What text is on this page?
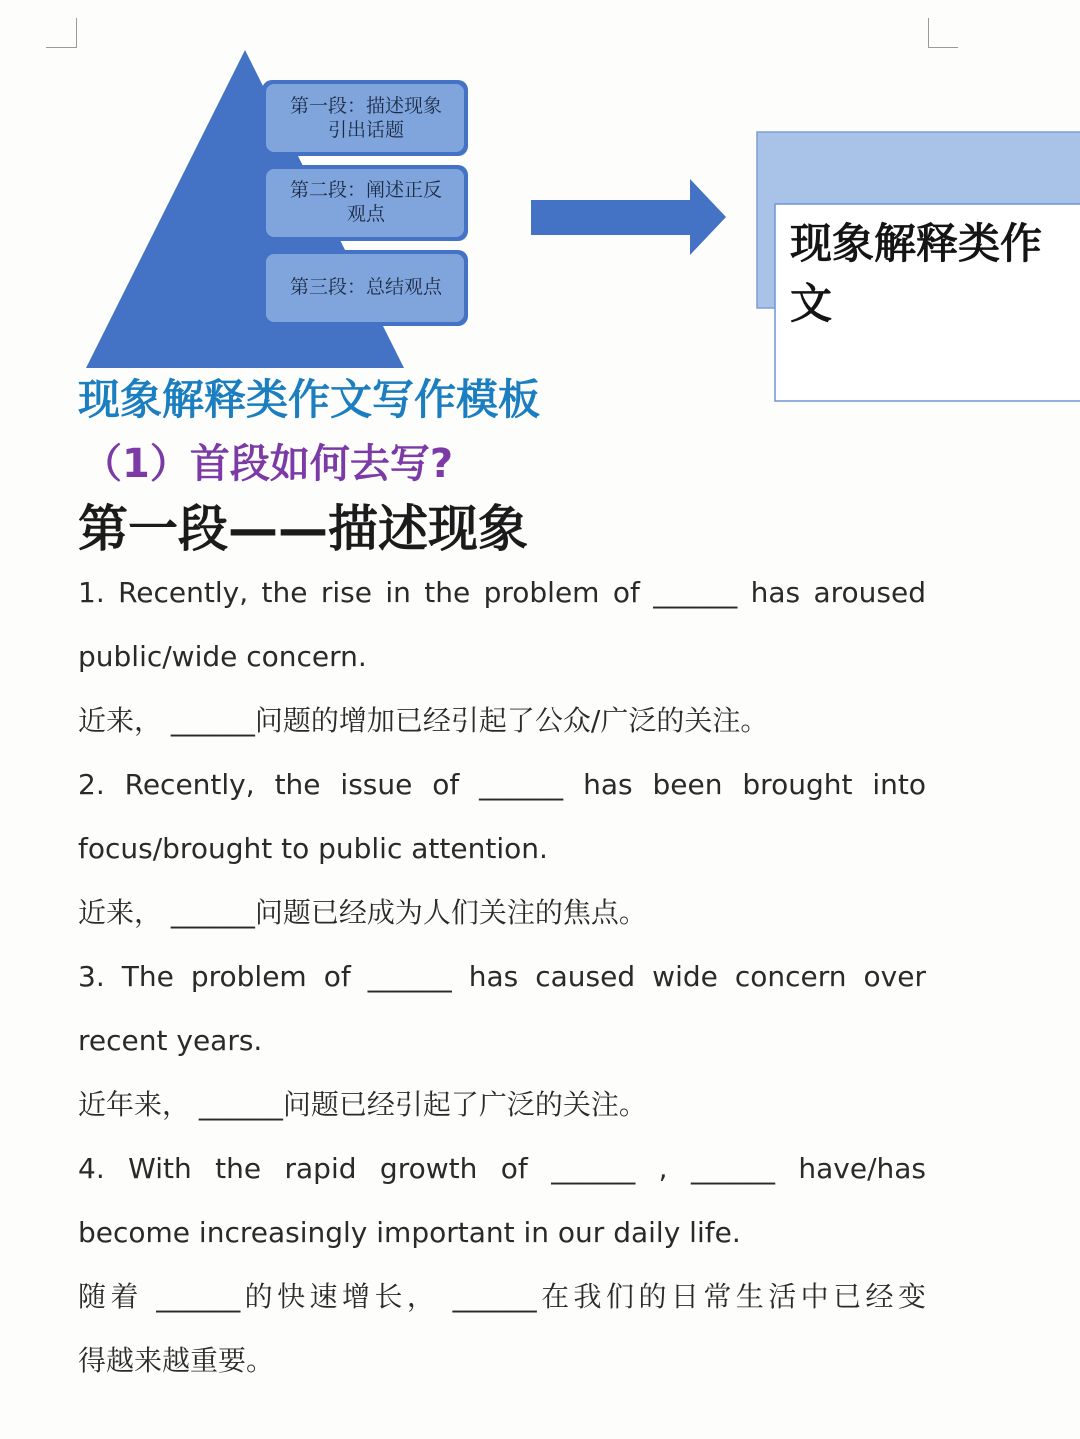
第一段：描述现象
引出话题
第二段：阐述正反
观点
第三段：总结观点
现象解释类作
文
现象解释类作文写作模板
（1）首段如何去写?
第一段——描述现象
1. Recently, the rise in the problem of ______ has aroused
public/wide concern.
近来， ______问题的增加已经引起了公众/广泛的关注。
2. Recently, the issue of ______ has been brought into
focus/brought to public attention.
近来， ______问题已经成为人们关注的焦点。
3. The problem of ______ has caused wide concern over
recent years.
近年来， ______问题已经引起了广泛的关注。
4. With the rapid growth of ______ , ______ have/has
become increasingly important in our daily life.
随着 ______的快速增长， ______在我们的日常生活中已经变
得越来越重要。
